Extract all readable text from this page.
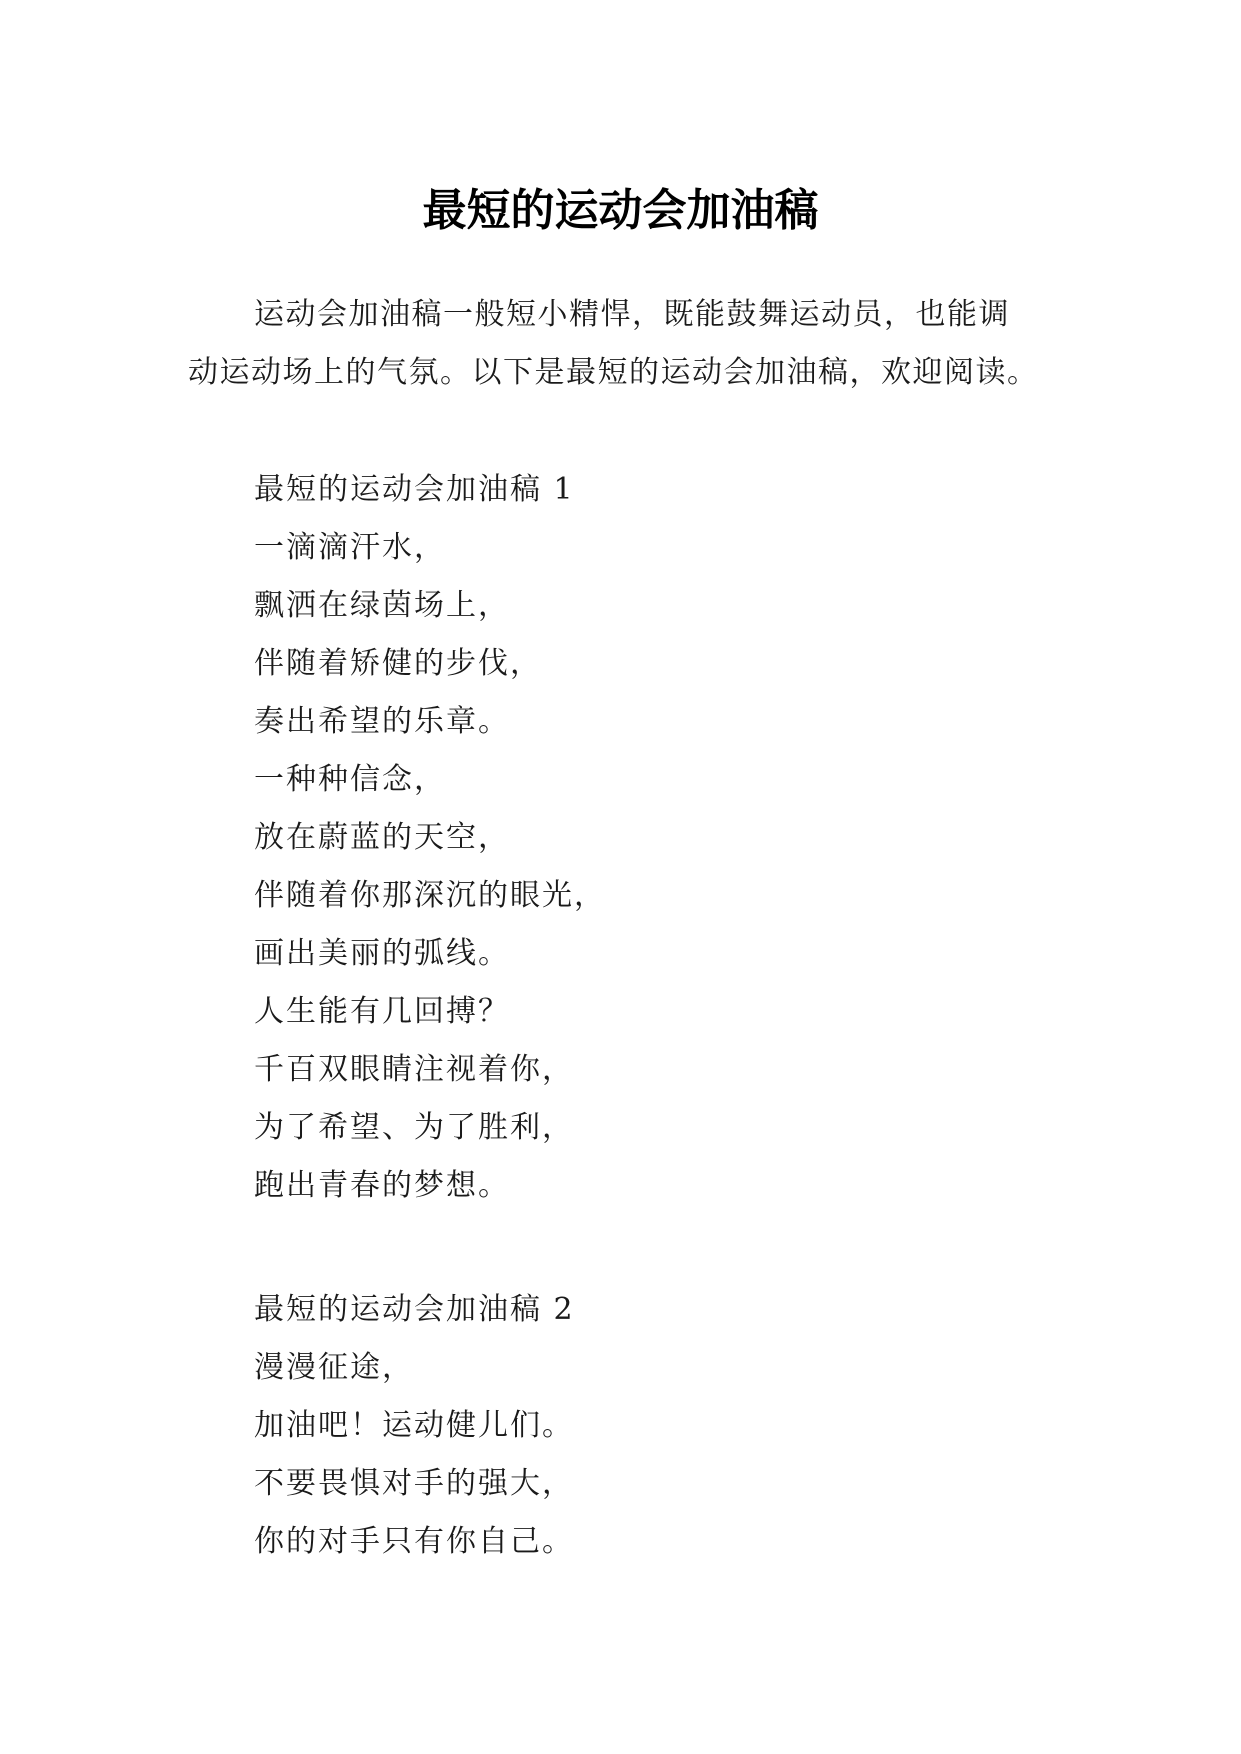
最短的运动会加油稿

运动会加油稿一般短小精悍，既能鼓舞运动员，也能调

动运动场上的气氛。以下是最短的运动会加油稿，欢迎阅读。

最短的运动会加油稿 1

一滴滴汗水，

飘洒在绿茵场上，

伴随着矫健的步伐，

奏出希望的乐章。

一种种信念，

放在蔚蓝的天空，

伴随着你那深沉的眼光，

画出美丽的弧线。

人生能有几回搏？

千百双眼睛注视着你，

为了希望、为了胜利，

跑出青春的梦想。

最短的运动会加油稿 2

漫漫征途，

加油吧！运动健儿们。

不要畏惧对手的强大，

你的对手只有你自己。
